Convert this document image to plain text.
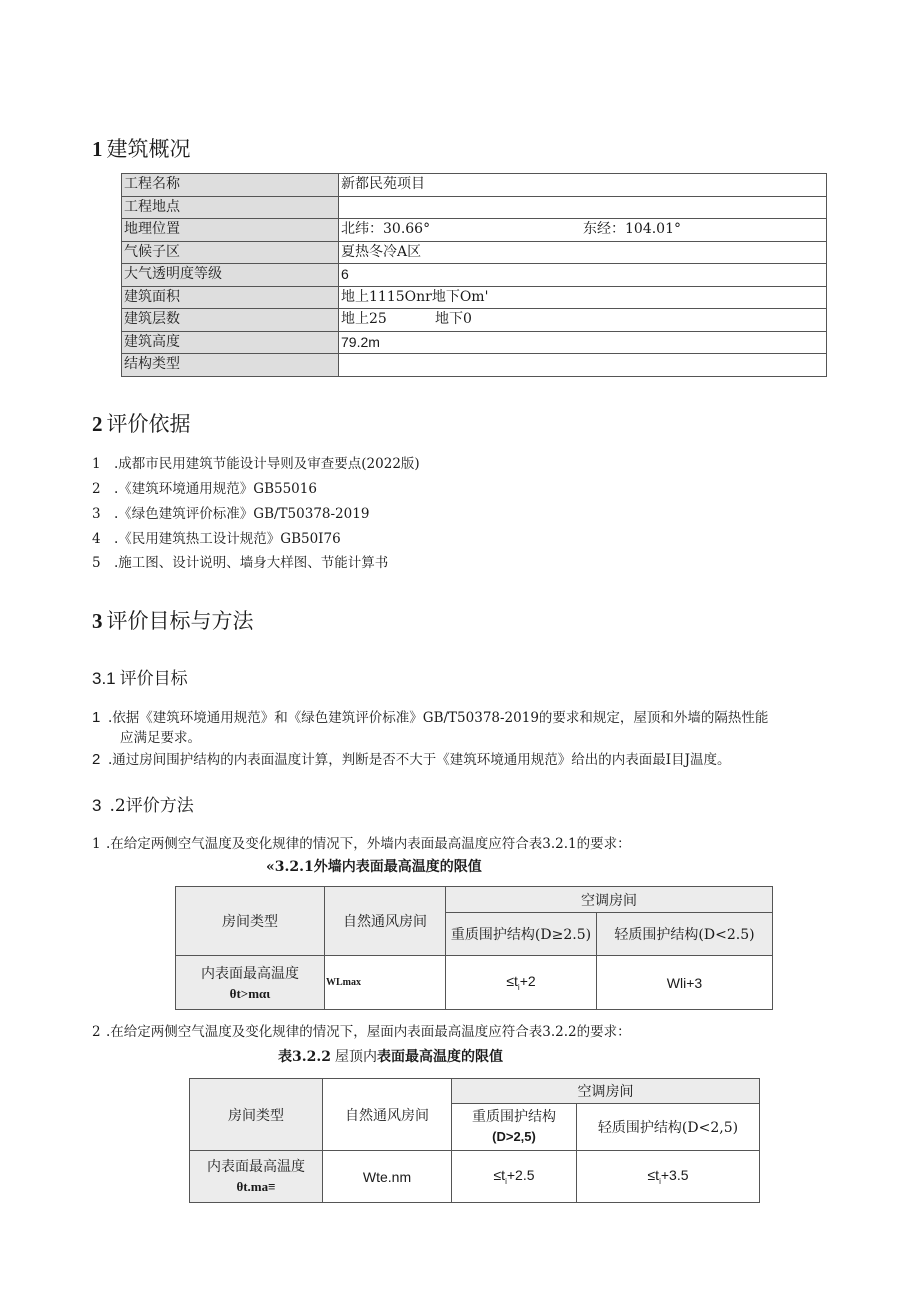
1 建筑概况
工程名称	新都民苑项目
工程地点	
地理位置	北纬：30.66° 东经：104.01°
气候子区	夏热冬冷A区
大气透明度等级	6
建筑面积	地上1115Onr地下Om'
建筑层数	地上25 地下0
建筑高度	79.2m
结构类型	
2 评价依据
1 .成都市民用建筑节能设计导则及审查要点(2022版)
2 .《建筑环境通用规范》GB55016
3 .《绿色建筑评价标准》GB/T50378-2019
4 .《民用建筑热工设计规范》GB50I76
5 .施工图、设计说明、墙身大样图、节能计算书
3 评价目标与方法
3.1 评价目标
1 .依据《建筑环境通用规范》和《绿色建筑评价标准》GB/T50378-2019的要求和规定，屋顶和外墙的隔热性能
应满足要求。
2 .通过房间围护结构的内表面温度计算，判断是否不大于《建筑环境通用规范》给出的内表面最I目J温度。
3 .2评价方法
1 .在给定两侧空气温度及变化规律的情况下，外墙内表面最高温度应符合表3.2.1的要求：
«3.2.1外墙内表面最高温度的限值
房间类型	自然通风房间	空调房间	
		重质围护结构(D≥2.5)	轻质围护结构(D<2.5)
内表面最高温度
θt>mαι	WLmax	$\le t_i+2$	Wli+3
2 .在给定两侧空气温度及变化规律的情况下，屋面内表面最高温度应符合表3.2.2的要求：
表3.2.2 屋顶内表面最高温度的限值
房间类型	自然通风房间	空调房间	
		重质围护结构
(D>2,5)	轻质围护结构(D<2,5)
内表面最高温度
θt.ma≡	Wte.nm	$\le t_i+2.5$	$\le t_i+3.5$
